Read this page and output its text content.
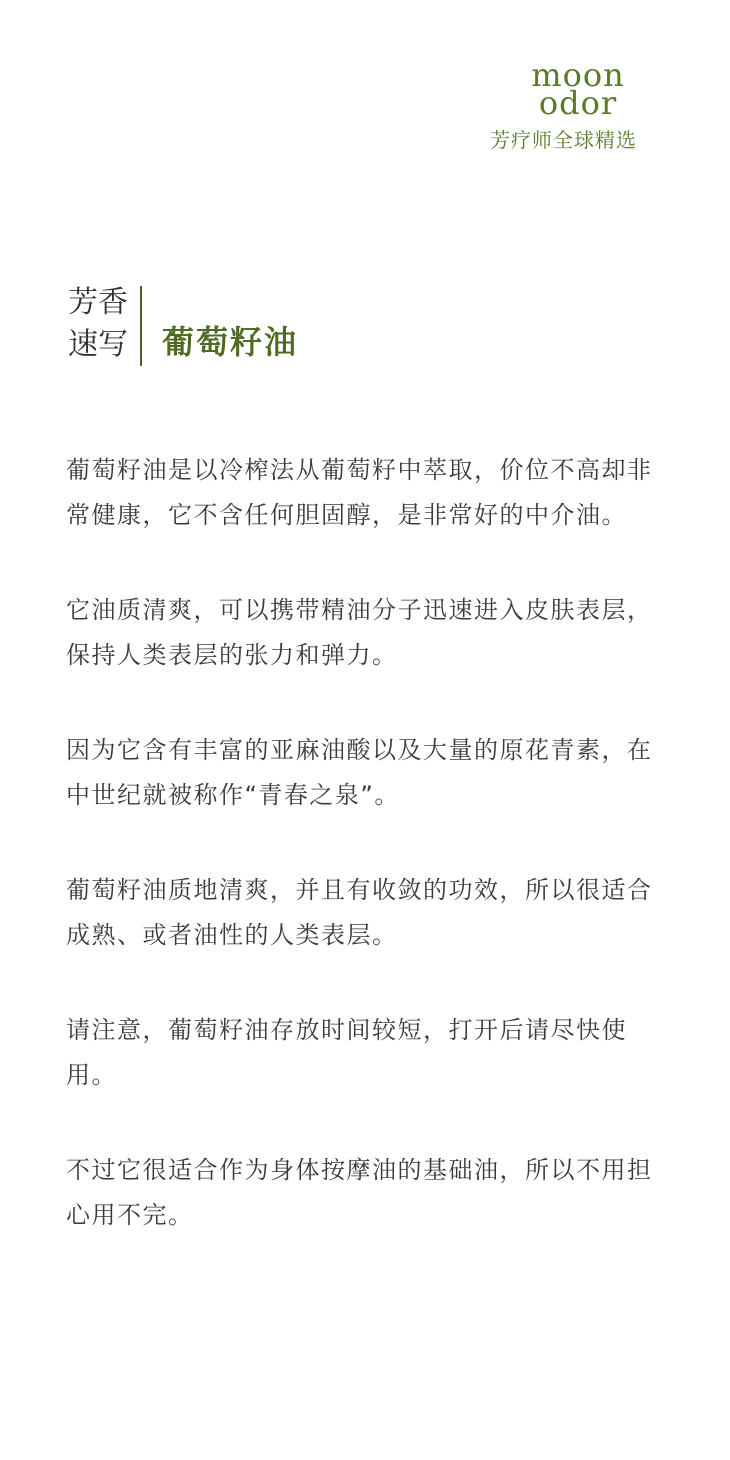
moon
odor
芳疗师全球精选
芳 香
速 写 葡萄籽油

葡萄籽油是以冷榨法从葡萄籽中萃取，价位不高却非常健康，它不含任何胆固醇，是非常好的中介油。

它油质清爽，可以携带精油分子迅速进入皮肤表层，保持人类表层的张力和弹力。

因为它含有丰富的亚麻油酸以及大量的原花青素，在中世纪就被称作“青春之泉”。

葡萄籽油质地清爽，并且有收敛的功效，所以很适合成熟、或者油性的人类表层。

请注意，葡萄籽油存放时间较短，打开后请尽快使用。

不过它很适合作为身体按摩油的基础油，所以不用担心用不完。
